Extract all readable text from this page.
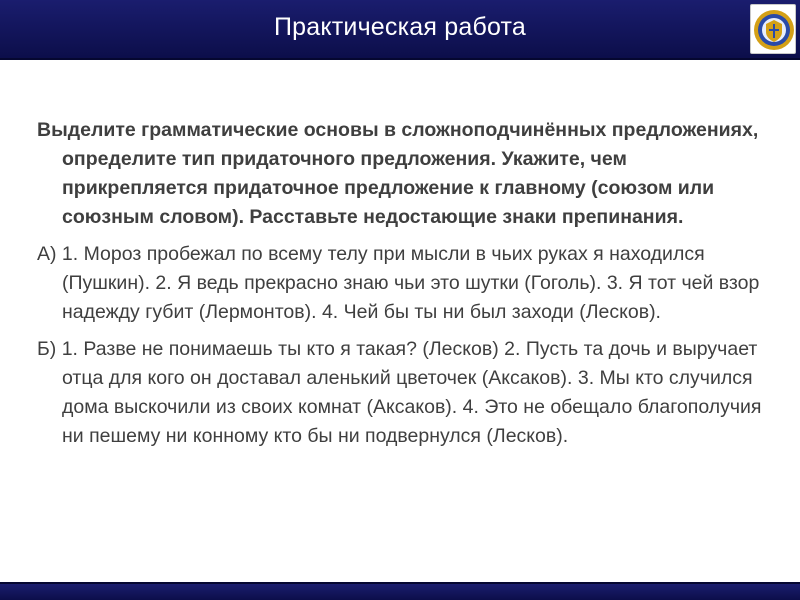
Практическая работа

Выделите грамматические основы в сложноподчинённых предложениях, определите тип придаточного предложения. Укажите, чем прикрепляется придаточное предложение к главному (союзом или союзным словом). Расставьте недостающие знаки препинания.

А) 1. Мороз пробежал по всему телу при мысли в чьих руках я находился (Пушкин). 2. Я ведь прекрасно знаю чьи это шутки (Гоголь). 3. Я тот чей взор надежду губит (Лермонтов). 4. Чей бы ты ни был заходи (Лесков).

Б) 1. Разве не понимаешь ты кто я такая? (Лесков) 2. Пусть та дочь и выручает отца для кого он доставал аленький цветочек (Аксаков). 3. Мы кто случился дома выскочили из своих комнат (Аксаков). 4. Это не обещало благополучия ни пешему ни конному кто бы ни подвернулся (Лесков).
